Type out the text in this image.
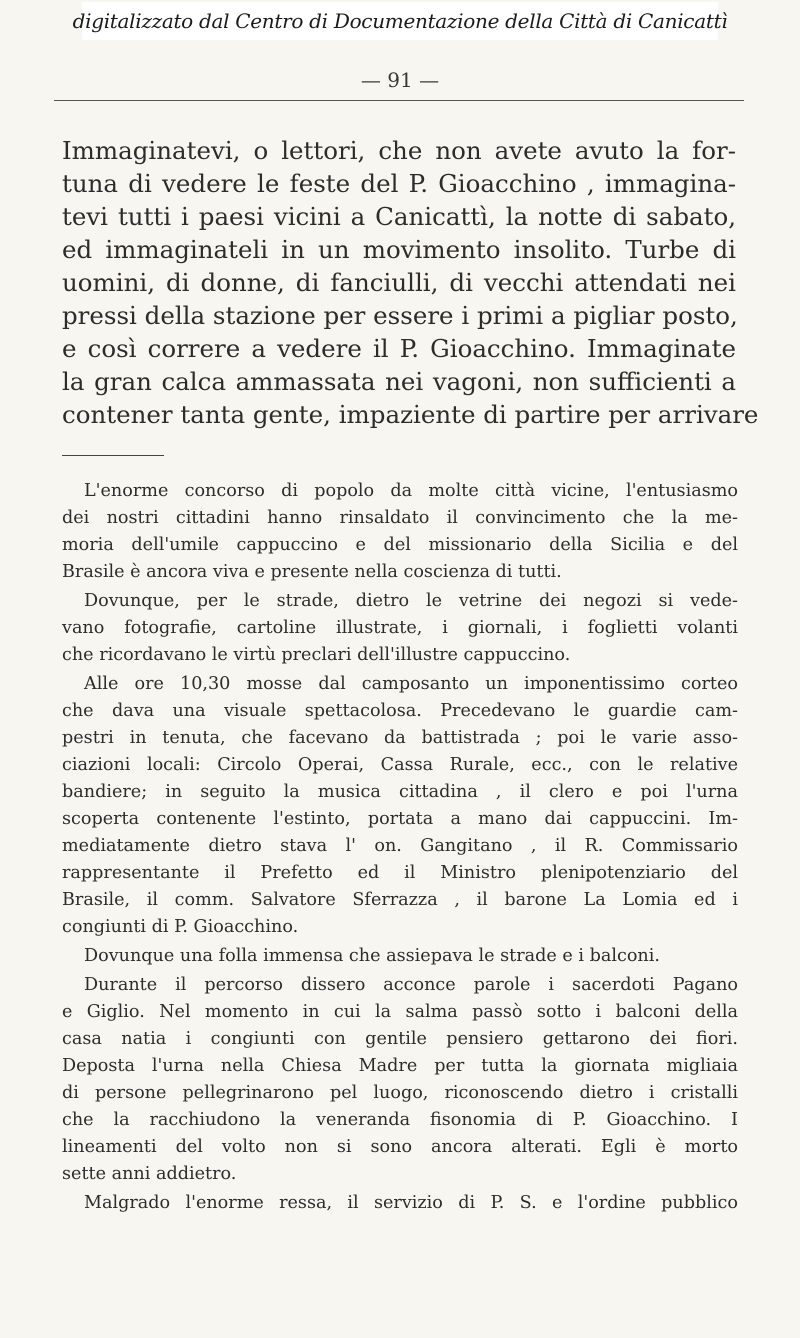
digitalizzato dal Centro di Documentazione della Città di Canicattì
— 91 —
Immaginatevi, o lettori, che non avete avuto la for-
tuna di vedere le feste del P. Gioacchino , immagina-
tevi tutti i paesi vicini a Canicattì, la notte di sabato,
ed immaginateli in un movimento insolito. Turbe di
uomini, di donne, di fanciulli, di vecchi attendati nei
pressi della stazione per essere i primi a pigliar posto,
e così correre a vedere il P. Gioacchino. Immaginate
la gran calca ammassata nei vagoni, non sufficienti a
contener tanta gente, impaziente di partire per arrivare

L'enorme concorso di popolo da molte città vicine, l'entusiasmo
dei nostri cittadini hanno rinsaldato il convincimento che la me-
moria dell'umile cappuccino e del missionario della Sicilia e del
Brasile è ancora viva e presente nella coscienza di tutti.

Dovunque, per le strade, dietro le vetrine dei negozi si vede-
vano fotografie, cartoline illustrate, i giornali, i foglietti volanti
che ricordavano le virtù preclari dell'illustre cappuccino.

Alle ore 10,30 mosse dal camposanto un imponentissimo corteo
che dava una visuale spettacolosa. Precedevano le guardie cam-
pestri in tenuta, che facevano da battistrada ; poi le varie asso-
ciazioni locali: Circolo Operai, Cassa Rurale, ecc., con le relative
bandiere; in seguito la musica cittadina , il clero e poi l'urna
scoperta contenente l'estinto, portata a mano dai cappuccini. Im-
mediatamente dietro stava l' on. Gangitano , il R. Commissario
rappresentante il Prefetto ed il Ministro plenipotenziario del
Brasile, il comm. Salvatore Sferrazza , il barone La Lomia ed i
congiunti di P. Gioacchino.

Dovunque una folla immensa che assiepava le strade e i balconi.

Durante il percorso dissero acconce parole i sacerdoti Pagano
e Giglio. Nel momento in cui la salma passò sotto i balconi della
casa natia i congiunti con gentile pensiero gettarono dei fiori.
Deposta l'urna nella Chiesa Madre per tutta la giornata migliaia
di persone pellegrinarono pel luogo, riconoscendo dietro i cristalli
che la racchiudono la veneranda fisonomia di P. Gioacchino. I
lineamenti del volto non si sono ancora alterati. Egli è morto
sette anni addietro.

Malgrado l'enorme ressa, il servizio di P. S. e l'ordine pubblico
